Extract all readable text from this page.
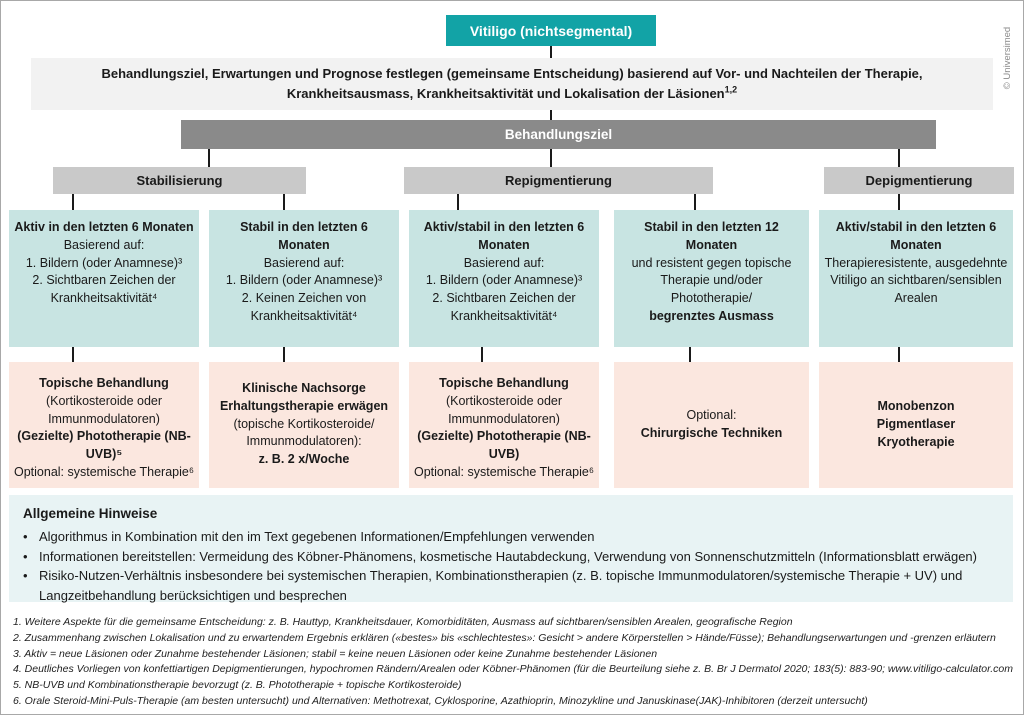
Vitiligo (nichtsegmental)
Behandlungsziel, Erwartungen und Prognose festlegen (gemeinsame Entscheidung) basierend auf Vor- und Nachteilen der Therapie, Krankheitsausmass, Krankheitsaktivität und Lokalisation der Läsionen$^{1,2}$
Behandlungsziel
Stabilisierung	Repigmentierung	Depigmentierung
Aktiv in den letzten 6 Monaten
Basierend auf:
1. Bildern (oder Anamnese)³
2. Sichtbaren Zeichen der Krankheitsaktivität⁴
Stabil in den letzten 6 Monaten
Basierend auf:
1. Bildern (oder Anamnese)³
2. Keinen Zeichen von Krankheitsaktivität⁴
Aktiv/stabil in den letzten 6 Monaten
Basierend auf:
1. Bildern (oder Anamnese)³
2. Sichtbaren Zeichen der Krankheitsaktivität⁴
Stabil in den letzten 12 Monaten
und resistent gegen topische Therapie und/oder Phototherapie/
begrenztes Ausmass
Aktiv/stabil in den letzten 6 Monaten
Therapieresistente, ausgedehnte Vitiligo an sichtbaren/sensiblen Arealen
Topische Behandlung
(Kortikosteroide oder Immunmodulatoren)
(Gezielte) Phototherapie (NB-UVB)⁵
Optional: systemische Therapie⁶
Klinische Nachsorge
Erhaltungstherapie erwägen
(topische Kortikosteroide/ Immunmodulatoren):
z. B. 2 x/Woche
Topische Behandlung
(Kortikosteroide oder Immunmodulatoren)
(Gezielte) Phototherapie (NB-UVB)
Optional: systemische Therapie⁶
Optional:
Chirurgische Techniken
Monobenzon
Pigmentlaser
Kryotherapie
Allgemeine Hinweise
• Algorithmus in Kombination mit den im Text gegebenen Informationen/Empfehlungen verwenden
• Informationen bereitstellen: Vermeidung des Köbner-Phänomens, kosmetische Hautabdeckung, Verwendung von Sonnenschutzmitteln (Informationsblatt erwägen)
• Risiko-Nutzen-Verhältnis insbesondere bei systemischen Therapien, Kombinationstherapien (z. B. topische Immunmodulatoren/systemische Therapie + UV) und Langzeitbehandlung berücksichtigen und besprechen
1. Weitere Aspekte für die gemeinsame Entscheidung: z. B. Hauttyp, Krankheitsdauer, Komorbiditäten, Ausmass auf sichtbaren/sensiblen Arealen, geografische Region
2. Zusammenhang zwischen Lokalisation und zu erwartendem Ergebnis erklären («bestes» bis «schlechtestes»: Gesicht > andere Körperstellen > Hände/Füsse); Behandlungserwartungen und -grenzen erläutern
3. Aktiv = neue Läsionen oder Zunahme bestehender Läsionen; stabil = keine neuen Läsionen oder keine Zunahme bestehender Läsionen
4. Deutliches Vorliegen von konfettiartigen Depigmentierungen, hypochromen Rändern/Arealen oder Köbner-Phänomen (für die Beurteilung siehe z. B. Br J Dermatol 2020; 183(5): 883-90; www.vitiligo-calculator.com
5. NB-UVB und Kombinationstherapie bevorzugt (z. B. Phototherapie + topische Kortikosteroide)
6. Orale Steroid-Mini-Puls-Therapie (am besten untersucht) und Alternativen: Methotrexat, Cyklosporine, Azathioprin, Minozykline und Januskinase(JAK)-Inhibitoren (derzeit untersucht)
© Universimed
